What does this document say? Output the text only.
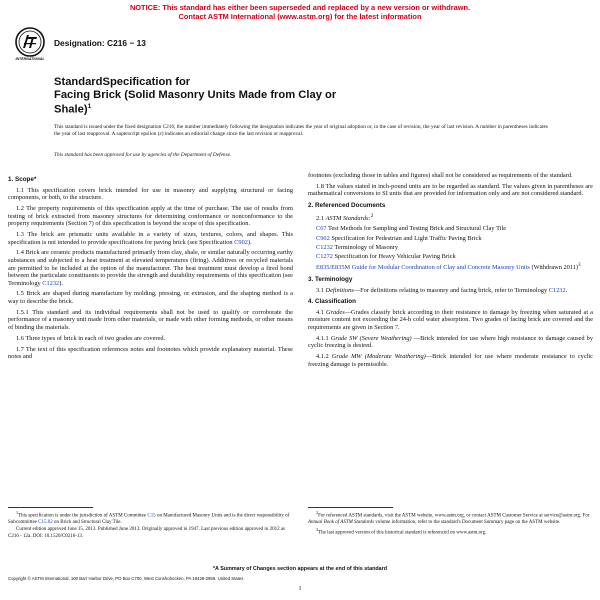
NOTICE: This standard has either been superseded and replaced by a new version or withdrawn.
Contact ASTM International (www.astm.org) for the latest information
INTERNATIONAL
Designation: C216 − 13
StandardSpecification for
Facing Brick (Solid Masonry Units Made from Clay or
Shale)$^1$
This standard is issued under the fixed designation C216; the number immediately following the designation indicates the year of original adoption or, in the case of revision, the year of last revision. A number in parentheses indicates the year of last reapproval. A superscript epsilon (ε) indicates an editorial change since the last revision or reapproval.
This standard has been approved for use by agencies of the Department of Defense.
1. Scope*

1.1 This specification covers brick intended for use in masonry and supplying structural or facing components, or both, to the structure.

1.2 The property requirements of this specification apply at the time of purchase. The use of results from testing of brick extracted from masonry structures for determining conformance or nonconformance to the property requirements (Section 7) of this specification is beyond the scope of this specification.

1.3 The brick are prismatic units available in a variety of sizes, textures, colors, and shapes. This specification is not intended to provide specifications for paving brick (see Specification C902).

1.4 Brick are ceramic products manufactured primarily from clay, shale, or similar naturally occurring earthy substances and subjected to a heat treatment at elevated temperatures (firing). Additives or recycled materials are permitted to be included at the option of the manufacturer. The heat treatment must develop a fired bond between the particulate constituents to provide the strength and durability requirements of this specification (see Terminology C1232).

1.5 Brick are shaped during manufacture by molding, pressing, or extrusion, and the shaping method is a way to describe the brick.

1.5.1 This standard and its individual requirements shall not be used to qualify or corroborate the performance of a masonry unit made from other materials, or made with other forming methods, or other means of binding the materials.

1.6 Three types of brick in each of two grades are covered.

1.7 The text of this specification references notes and footnotes which provide explanatory material. These notes and

footnotes (excluding those in tables and figures) shall not be considered as requirements of the standard.

1.8 The values stated in inch-pound units are to be regarded as standard. The values given in parentheses are mathematical conversions to SI units that are provided for information only and are not considered standard.

2. Referenced Documents

2.1 ASTM Standards:$^2$

C67 Test Methods for Sampling and Testing Brick and Structural Clay Tile
C902 Specification for Pedestrian and Light Traffic Paving Brick
C1232 Terminology of Masonry
C1272 Specification for Heavy Vehicular Paving Brick
E835/E835M Guide for Modular Coordination of Clay and Concrete Masonry Units (Withdrawn 2011)$^3$
3. Terminology

3.1 Definitions—For definitions relating to masonry and facing brick, refer to Terminology C1232.

4. Classification

4.1 Grades—Grades classify brick according to their resistance to damage by freezing when saturated at a moisture content not exceeding the 24-h cold water absorption. Two grades of facing brick are covered and the requirements are given in Section 7.

4.1.1 Grade SW (Severe Weathering) —Brick intended for use where high resistance to damage caused by cyclic freezing is desired.

4.1.2 Grade MW (Moderate Weathering)—Brick intended for use where moderate resistance to cyclic freezing damage is permissible.

$^1$This specification is under the jurisdiction of ASTM Committee C15 on Manufactured Masonry Units and is the direct responsibility of Subcommittee C15.02 on Brick and Structural Clay Tile.

Current edition approved June 15, 2013. Published June 2013. Originally approved in 1947. Last previous edition approved in 2012 as C216 - 12a. DOI: 10.1520/C0216-13.

$^2$For referenced ASTM standards, visit the ASTM website, www.astm.org, or contact ASTM Customer Service at service@astm.org. For Annual Book of ASTM Standards volume information, refer to the standard's Document Summary page on the ASTM website.

$^3$The last approved version of this historical standard is referenced on www.astm.org.

*A Summary of Changes section appears at the end of this standard
Copyright © ASTM International, 100 Barr Harbor Drive, PO Box C700, West Conshohocken, PA 19428-2959. United States
1
